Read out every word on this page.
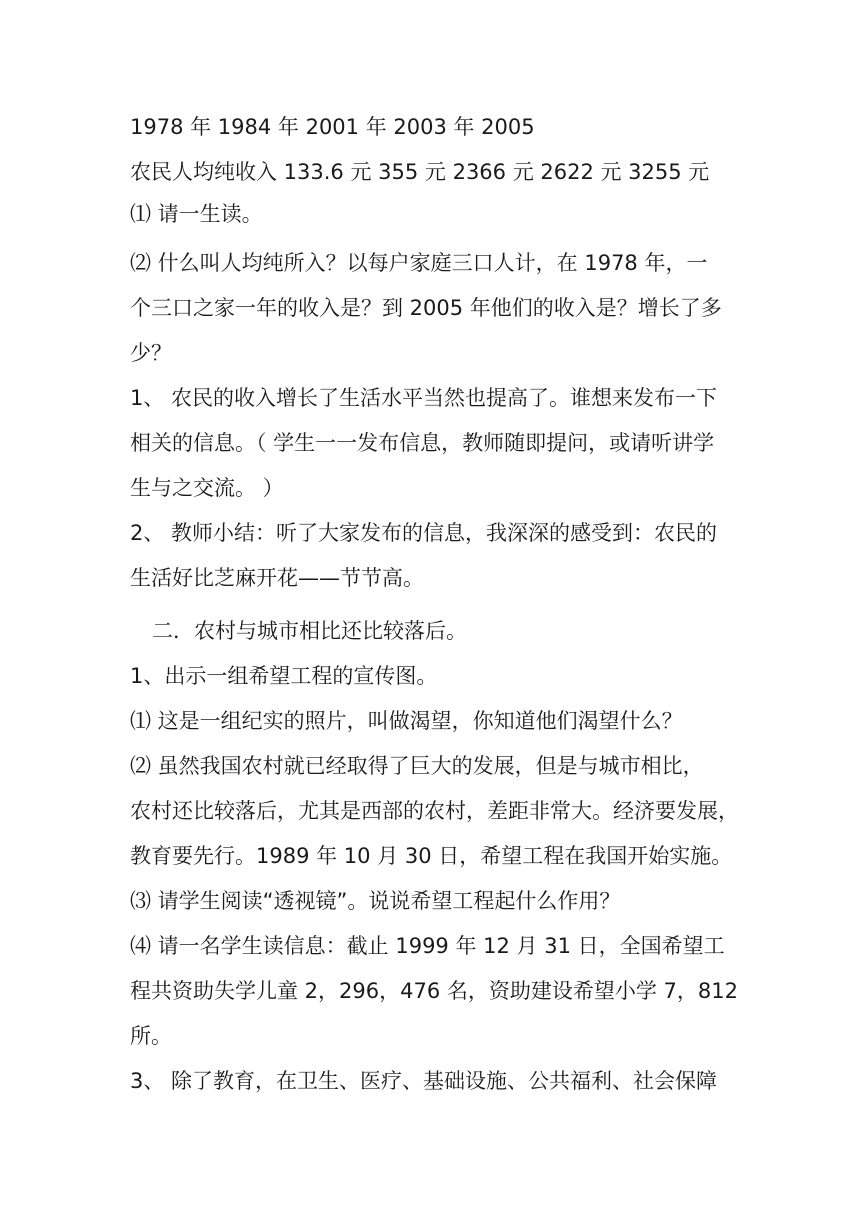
1978 年 1984 年 2001 年 2003 年 2005
农民人均纯收入 133.6 元 355 元 2366 元 2622 元 3255 元
⑴ 请一生读。
⑵ 什么叫人均纯所入？以每户家庭三口人计，在 1978 年，一
个三口之家一年的收入是？到 2005 年他们的收入是？增长了多
少？
1、 农民的收入增长了生活水平当然也提高了。谁想来发布一下
相关的信息。（ 学生一一发布信息，教师随即提问，或请听讲学
生与之交流。 ）
2、 教师小结：听了大家发布的信息，我深深的感受到：农民的
生活好比芝麻开花——节节高。
二．农村与城市相比还比较落后。
1、出示一组希望工程的宣传图。
⑴ 这是一组纪实的照片，叫做渴望，你知道他们渴望什么？
⑵ 虽然我国农村就已经取得了巨大的发展，但是与城市相比，
农村还比较落后，尤其是西部的农村，差距非常大。经济要发展，
教育要先行。1989 年 10 月 30 日，希望工程在我国开始实施。
⑶ 请学生阅读“透视镜”。说说希望工程起什么作用？
⑷ 请一名学生读信息：截止 1999 年 12 月 31 日，全国希望工
程共资助失学儿童 2，296，476 名，资助建设希望小学 7，812
所。
3、 除了教育，在卫生、医疗、基础设施、公共福利、社会保障
